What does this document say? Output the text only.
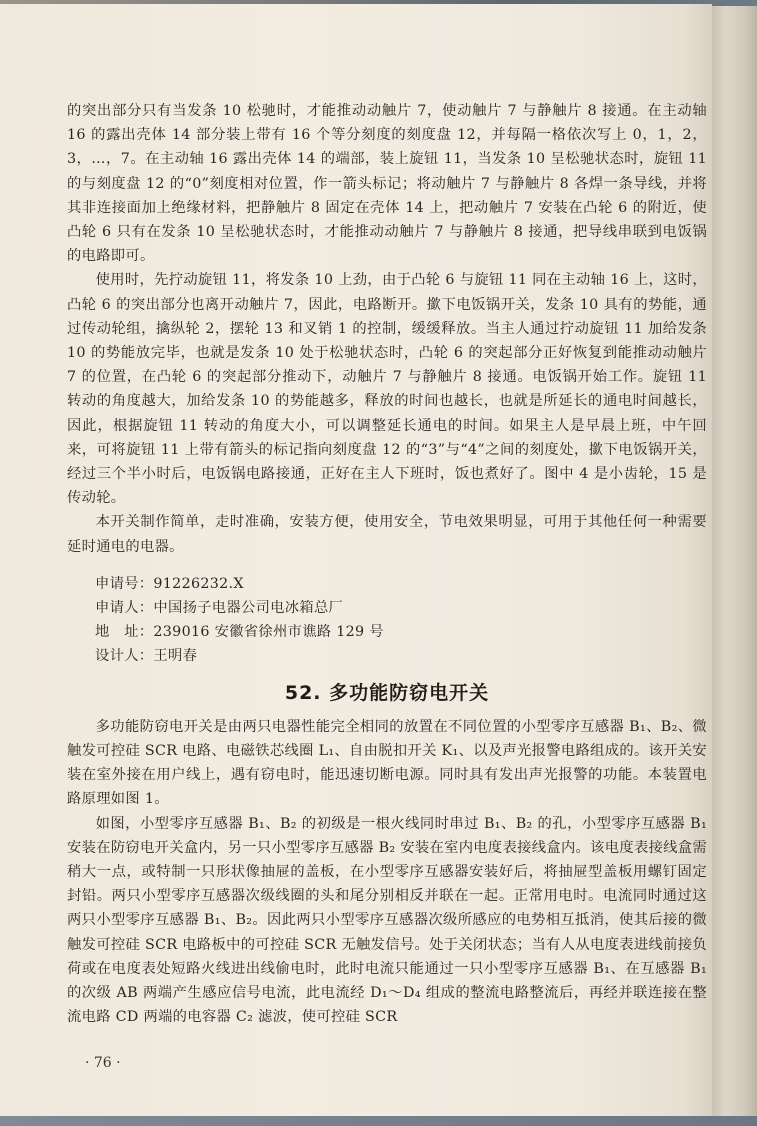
的突出部分只有当发条 10 松驰时，才能推动动触片 7，使动触片 7 与静触片 8 接通。在主动轴 16 的露出壳体 14 部分装上带有 16 个等分刻度的刻度盘 12，并每隔一格依次写上 0，1，2，3，…，7。在主动轴 16 露出壳体 14 的端部，装上旋钮 11，当发条 10 呈松驰状态时，旋钮 11 的与刻度盘 12 的“0”刻度相对位置，作一箭头标记；将动触片 7 与静触片 8 各焊一条导线，并将其非连接面加上绝缘材料，把静触片 8 固定在壳体 14 上，把动触片 7 安装在凸轮 6 的附近，使凸轮 6 只有在发条 10 呈松驰状态时，才能推动动触片 7 与静触片 8 接通，把导线串联到电饭锅的电路即可。

使用时，先拧动旋钮 11，将发条 10 上劲，由于凸轮 6 与旋钮 11 同在主动轴 16 上，这时，凸轮 6 的突出部分也离开动触片 7，因此，电路断开。撳下电饭锅开关，发条 10 具有的势能，通过传动轮组，擒纵轮 2，摆轮 13 和叉销 1 的控制，缓缓释放。当主人通过拧动旋钮 11 加给发条 10 的势能放完毕，也就是发条 10 处于松驰状态时，凸轮 6 的突起部分正好恢复到能推动动触片 7 的位置，在凸轮 6 的突起部分推动下，动触片 7 与静触片 8 接通。电饭锅开始工作。旋钮 11 转动的角度越大，加给发条 10 的势能越多，释放的时间也越长，也就是所延长的通电时间越长，因此，根据旋钮 11 转动的角度大小，可以调整延长通电的时间。如果主人是早晨上班，中午回来，可将旋钮 11 上带有箭头的标记指向刻度盘 12 的“3”与“4”之间的刻度处，撳下电饭锅开关，经过三个半小时后，电饭锅电路接通，正好在主人下班时，饭也煮好了。图中 4 是小齿轮，15 是传动轮。

本开关制作简单，走时准确，安装方便，使用安全，节电效果明显，可用于其他任何一种需要延时通电的电器。

申请号：91226232.X
申请人：中国扬子电器公司电冰箱总厂
地　址：239016 安徽省徐州市谯路 129 号
设计人：王明春
52. 多功能防窃电开关

多功能防窃电开关是由两只电器性能完全相同的放置在不同位置的小型零序互感器 B₁、B₂、微触发可控硅 SCR 电路、电磁铁芯线圈 L₁、自由脱扣开关 K₁、以及声光报警电路组成的。该开关安装在室外接在用户线上，遇有窃电时，能迅速切断电源。同时具有发出声光报警的功能。本装置电路原理如图 1。

如图，小型零序互感器 B₁、B₂ 的初级是一根火线同时串过 B₁、B₂ 的孔，小型零序互感器 B₁ 安装在防窃电开关盒内，另一只小型零序互感器 B₂ 安装在室内电度表接线盒内。该电度表接线盒需稍大一点，或特制一只形状像抽屉的盖板，在小型零序互感器安装好后，将抽屉型盖板用螺钉固定封铅。两只小型零序互感器次级线圈的头和尾分别相反并联在一起。正常用电时。电流同时通过这两只小型零序互感器 B₁、B₂。因此两只小型零序互感器次级所感应的电势相互抵消，使其后接的微触发可控硅 SCR 电路板中的可控硅 SCR 无触发信号。处于关闭状态；当有人从电度表进线前接负荷或在电度表处短路火线进出线偷电时，此时电流只能通过一只小型零序互感器 B₁、在互感器 B₁ 的次级 AB 两端产生感应信号电流，此电流经 D₁～D₄ 组成的整流电路整流后，再经并联连接在整流电路 CD 两端的电容器 C₂ 滤波，使可控硅 SCR

· 76 ·
